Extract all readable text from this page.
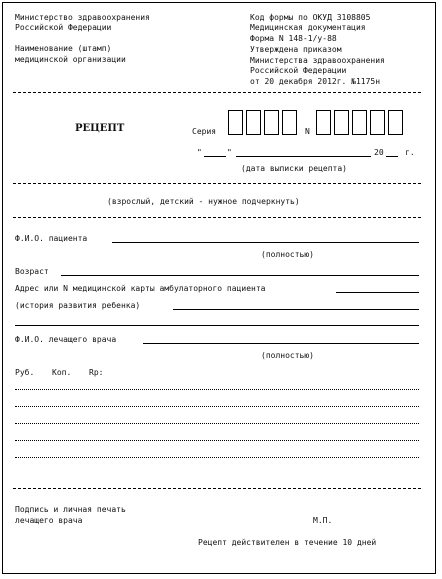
Министерство здравоохранения
Российской Федерации
Наименование (штамп)
медицинской организации
Код формы по ОКУД 3108805
Медицинская документация
Форма N 148-1/у-88
Утверждена приказом
Министерства здравоохранения
Российской Федерации
от 20 декабря 2012г. №1175н
РЕЦЕПТ	Серия	N
"	"	20	г.
(дата выписки рецепта)
(взрослый, детский - нужное подчеркнуть)
Ф.И.О. пациента
(полностью)
Возраст
Адрес или N медицинской карты амбулаторного пациента
(история развития ребенка)
Ф.И.О. лечащего врача
(полностью)
Руб. Коп. Rp:
Подпись и личная печать
лечащего врача	М.П.
Рецепт действителен в течение 10 дней
